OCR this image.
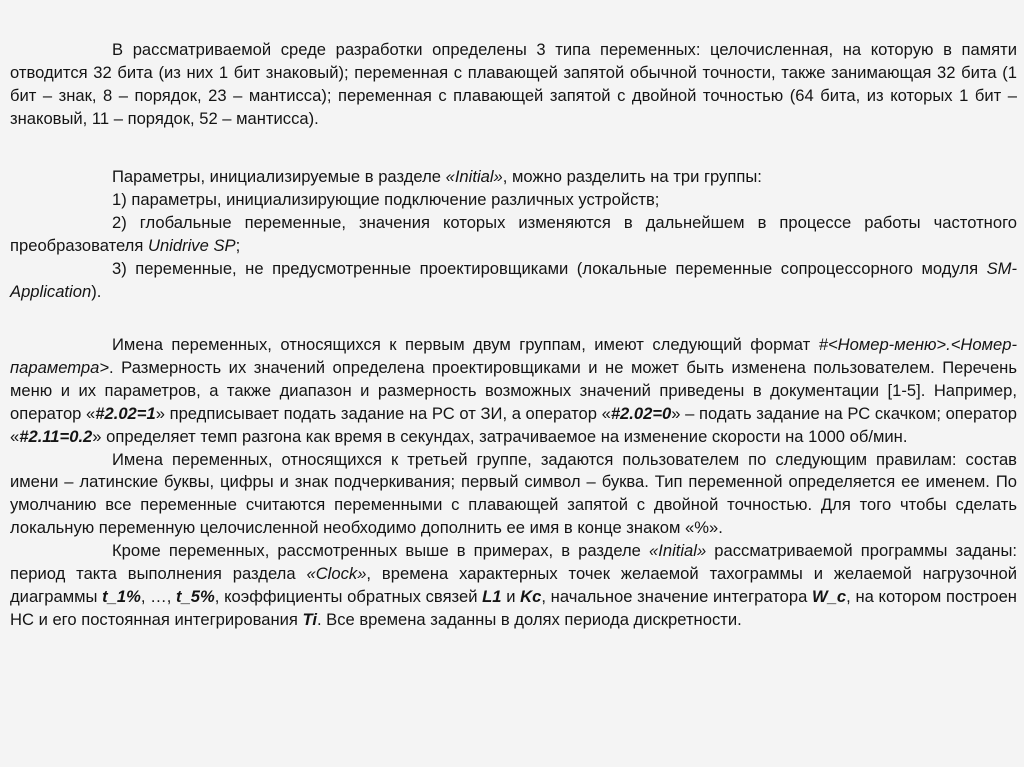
В рассматриваемой среде разработки определены 3 типа переменных: целочисленная, на которую в памяти отводится 32 бита (из них 1 бит знаковый); переменная с плавающей запятой обычной точности, также занимающая 32 бита (1 бит – знак, 8 – порядок, 23 – мантисса); переменная с плавающей запятой с двойной точностью (64 бита, из которых 1 бит – знаковый, 11 – порядок, 52 – мантисса).

Параметры, инициализируемые в разделе «Initial», можно разделить на три группы:

1) параметры, инициализирующие подключение различных устройств;

2) глобальные переменные, значения которых изменяются в дальнейшем в процессе работы частотного преобразователя Unidrive SP;

3) переменные, не предусмотренные проектировщиками (локальные переменные сопроцессорного модуля SM-Application).

Имена переменных, относящихся к первым двум группам, имеют следующий формат #<Номер-меню>.<Номер-параметра>. Размерность их значений определена проектировщиками и не может быть изменена пользователем. Перечень меню и их параметров, а также диапазон и размерность возможных значений приведены в документации [1-5]. Например, оператор «#2.02=1» предписывает подать задание на РС от ЗИ, а оператор «#2.02=0» – подать задание на РС скачком; оператор «#2.11=0.2» определяет темп разгона как время в секундах, затрачиваемое на изменение скорости на 1000 об/мин.

Имена переменных, относящихся к третьей группе, задаются пользователем по следующим правилам: состав имени – латинские буквы, цифры и знак подчеркивания; первый символ – буква. Тип переменной определяется ее именем. По умолчанию все переменные считаются переменными с плавающей запятой с двойной точностью. Для того чтобы сделать локальную переменную целочисленной необходимо дополнить ее имя в конце знаком «%».

Кроме переменных, рассмотренных выше в примерах, в разделе «Initial» рассматриваемой программы заданы: период такта выполнения раздела «Clock», времена характерных точек желаемой тахограммы и желаемой нагрузочной диаграммы t_1%, …, t_5%, коэффициенты обратных связей L1 и Kc, начальное значение интегратора W_c, на котором построен НС и его постоянная интегрирования Ti. Все времена заданны в долях периода дискретности.
